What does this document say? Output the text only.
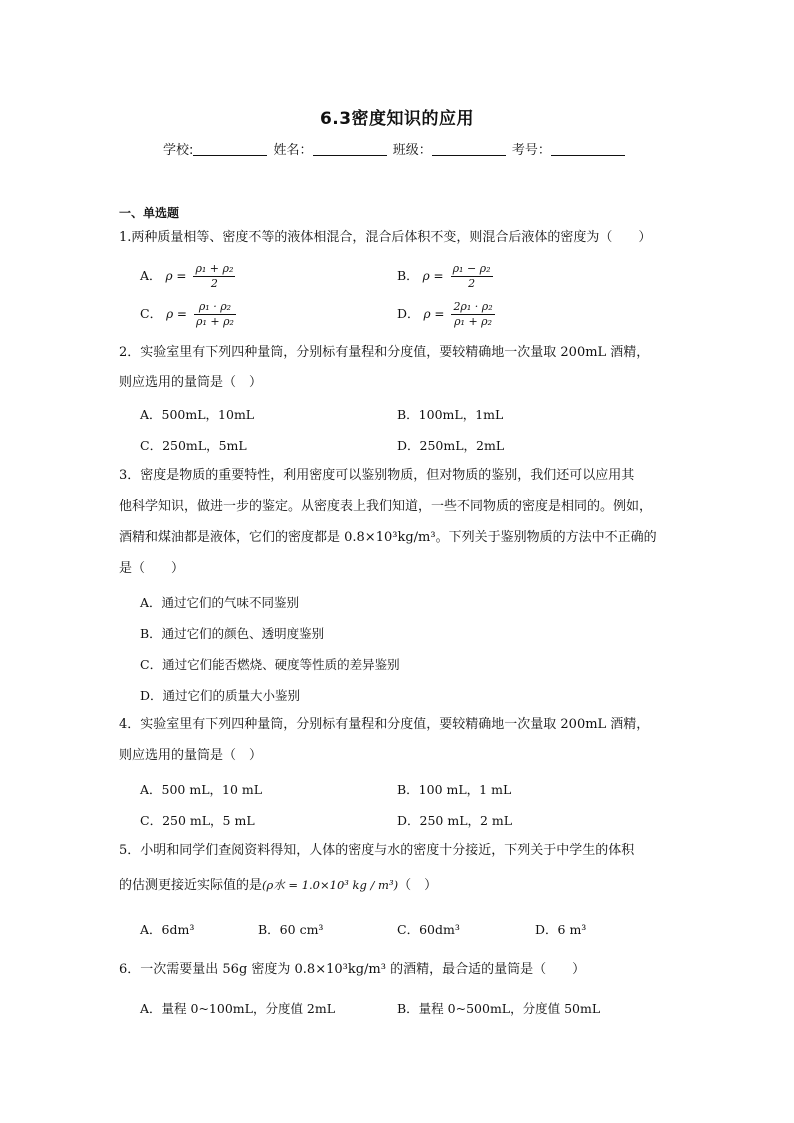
6.3密度知识的应用
学校:	姓名：	班级：	考号：
一、单选题
1.两种质量相等、密度不等的液体相混合，混合后体积不变，则混合后液体的密度为（　　）
A． $\rho = \frac{\text{ρ₁ + ρ₂}}{2}$	B． $\rho = \frac{\text{ρ₁ − ρ₂}}{2}$
C． $\rho = \frac{\text{ρ₁ · ρ₂}}{\text{ρ₁ + ρ₂}}$	D． $\rho = \frac{\text{2ρ₁ · ρ₂}}{\text{ρ₁ + ρ₂}}$
2．实验室里有下列四种量筒，分别标有量程和分度值，要较精确地一次量取 200mL 酒精，
则应选用的量筒是（　）
A．500mL，10mL	B．100mL，1mL
C．250mL，5mL	D．250mL，2mL
3．密度是物质的重要特性，利用密度可以鉴别物质，但对物质的鉴别，我们还可以应用其
他科学知识，做进一步的鉴定。从密度表上我们知道，一些不同物质的密度是相同的。例如，
酒精和煤油都是液体，它们的密度都是 0.8×10³kg/m³。下列关于鉴别物质的方法中不正确的
是（　　）
A．通过它们的气味不同鉴别
B．通过它们的颜色、透明度鉴别
C．通过它们能否燃烧、硬度等性质的差异鉴别
D．通过它们的质量大小鉴别
4．实验室里有下列四种量筒，分别标有量程和分度值，要较精确地一次量取 200mL 酒精，
则应选用的量筒是（　）
A．500 mL，10 mL	B．100 mL，1 mL
C．250 mL，5 mL	D．250 mL，2 mL
5．小明和同学们查阅资料得知，人体的密度与水的密度十分接近，下列关于中学生的体积
的估测更接近实际值的是(ρ水 = 1.0×10³ kg / m³)（　）
A．6dm³	B．60 cm³	C．60dm³	D．6 m³
6．一次需要量出 56g 密度为 0.8×10³kg/m³ 的酒精，最合适的量筒是（　　）
A．量程 0~100mL，分度值 2mL	B．量程 0~500mL，分度值 50mL
